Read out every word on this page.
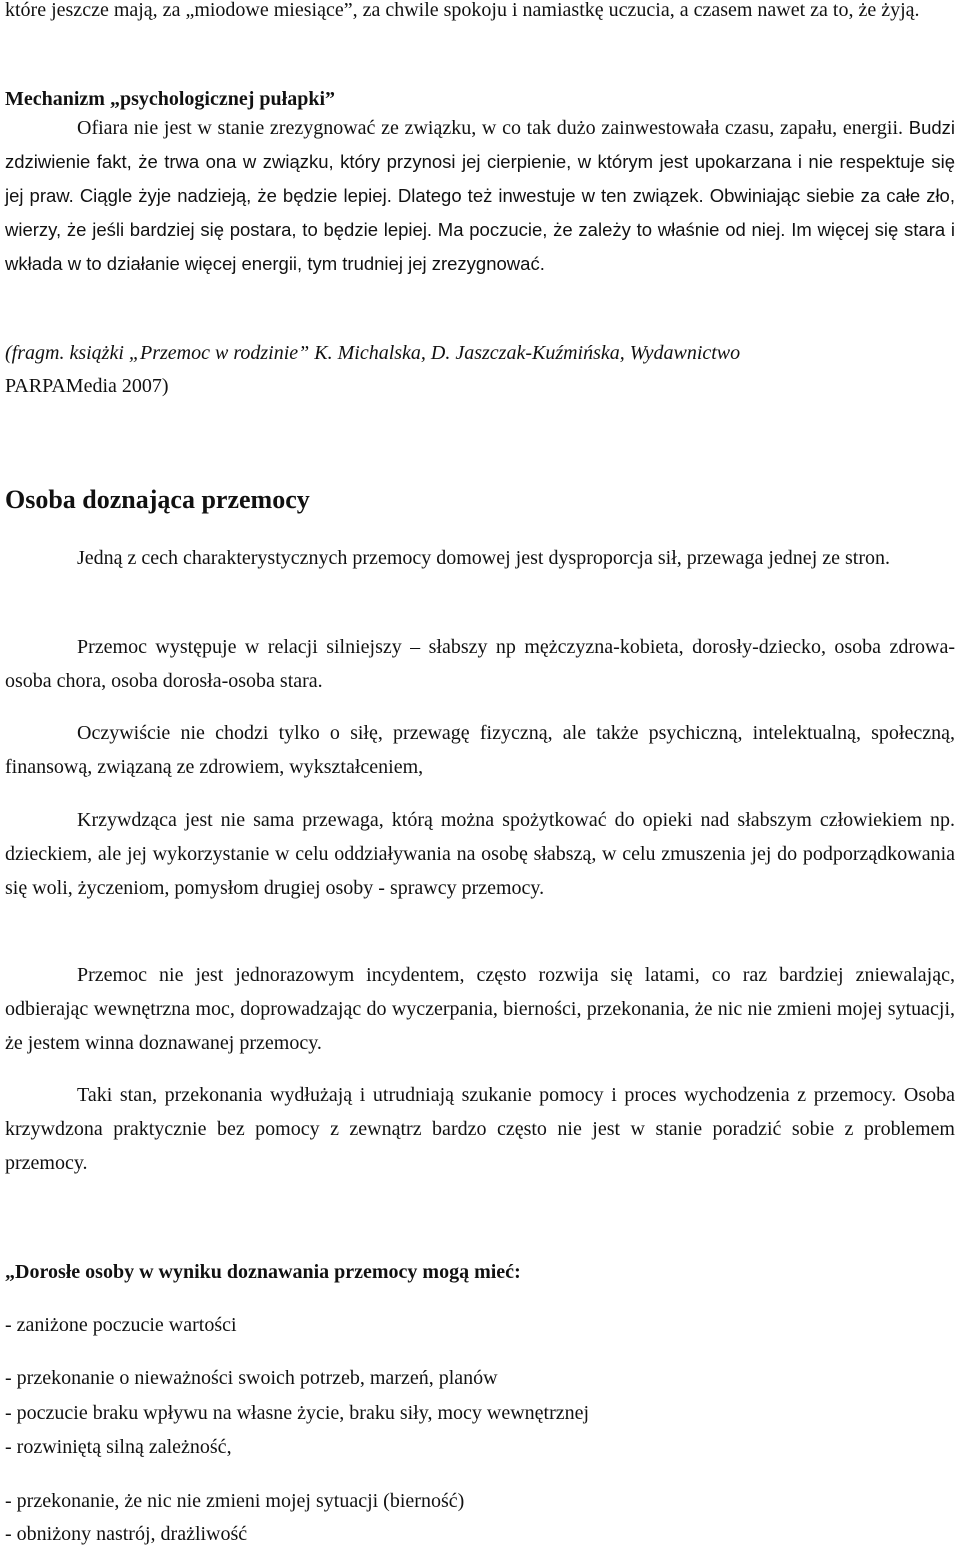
które jeszcze mają, za „miodowe miesiące”, za chwile spokoju i namiastkę uczucia, a czasem nawet za to, że żyją.

Mechanizm „psychologicznej pułapki”

Ofiara nie jest w stanie zrezygnować ze związku, w co tak dużo zainwestowała czasu, zapału, energii. Budzi zdziwienie fakt, że trwa ona w związku, który przynosi jej cierpienie, w którym jest upokarzana i nie respektuje się jej praw. Ciągle żyje nadzieją, że będzie lepiej. Dlatego też inwestuje w ten związek. Obwiniając siebie za całe zło, wierzy, że jeśli bardziej się postara, to będzie lepiej. Ma poczucie, że zależy to właśnie od niej. Im więcej się stara i wkłada w to działanie więcej energii, tym trudniej jej zrezygnować.

(fragm. książki „Przemoc w rodzinie” K. Michalska, D. Jaszczak-Kuźmińska, Wydawnictwo
PARPAMedia 2007)

Osoba doznająca przemocy

Jedną z cech charakterystycznych przemocy domowej jest dysproporcja sił, przewaga jednej ze stron.

Przemoc występuje w relacji silniejszy – słabszy np mężczyzna-kobieta, dorosły-dziecko, osoba zdrowa- osoba chora, osoba dorosła-osoba stara.

Oczywiście nie chodzi tylko o siłę, przewagę fizyczną, ale także psychiczną, intelektualną, społeczną, finansową, związaną ze zdrowiem, wykształceniem,

Krzywdząca jest nie sama przewaga, którą można spożytkować do opieki nad słabszym człowiekiem np. dzieckiem, ale jej wykorzystanie w celu oddziaływania na osobę słabszą, w celu zmuszenia jej do podporządkowania się woli, życzeniom, pomysłom drugiej osoby - sprawcy przemocy.

Przemoc nie jest jednorazowym incydentem, często rozwija się latami, co raz bardziej zniewalając, odbierając wewnętrzna moc, doprowadzając do wyczerpania, bierności, przekonania, że nic nie zmieni mojej sytuacji, że jestem winna doznawanej przemocy.

Taki stan, przekonania wydłużają i utrudniają szukanie pomocy i proces wychodzenia z przemocy. Osoba krzywdzona praktycznie bez pomocy z zewnątrz bardzo często nie jest w stanie poradzić sobie z problemem przemocy.

„Dorosłe osoby w wyniku doznawania przemocy mogą mieć:

- zaniżone poczucie wartości

- przekonanie o nieważności swoich potrzeb, marzeń, planów

- poczucie braku wpływu na własne życie, braku siły, mocy wewnętrznej

- rozwiniętą silną zależność,

- przekonanie, że nic nie zmieni mojej sytuacji (bierność)

- obniżony nastrój, drażliwość
